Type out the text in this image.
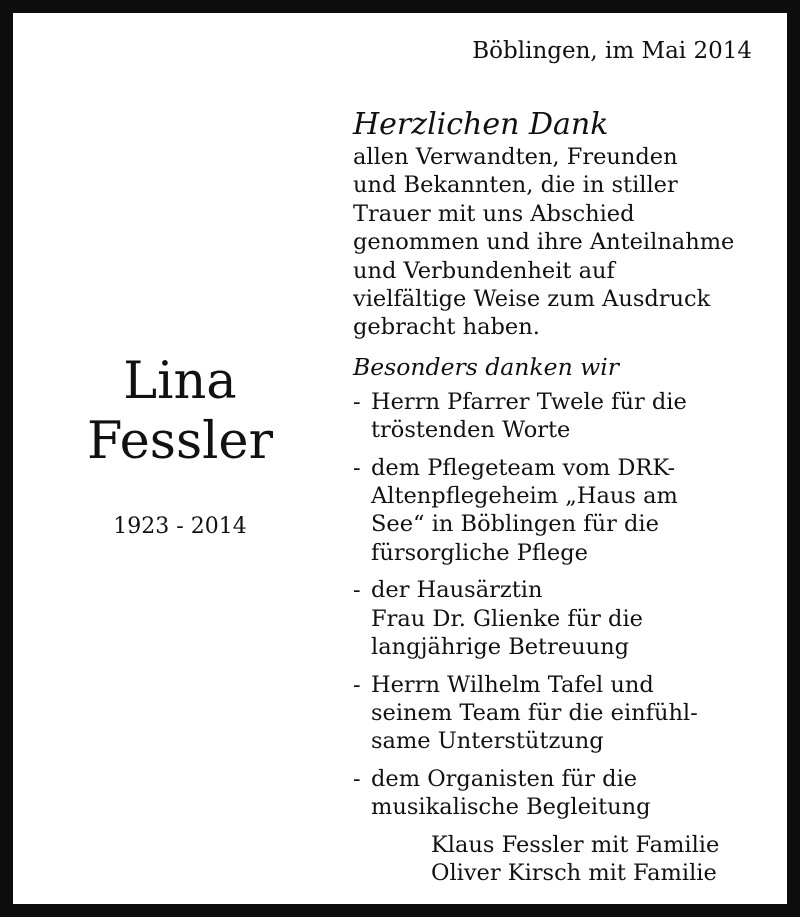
Böblingen, im Mai 2014
Lina
Fessler
1923 - 2014
Herzlichen Dank
allen Verwandten, Freunden
und Bekannten, die in stiller
Trauer mit uns Abschied
genommen und ihre Anteilnahme
und Verbundenheit auf
vielfältige Weise zum Ausdruck
gebracht haben.
Besonders danken wir
- Herrn Pfarrer Twele für die
tröstenden Worte
- dem Pflegeteam vom DRK-
Altenpflegeheim „Haus am
See“ in Böblingen für die
fürsorgliche Pflege
- der Hausärztin
Frau Dr. Glienke für die
langjährige Betreuung
- Herrn Wilhelm Tafel und
seinem Team für die einfühl-
same Unterstützung
- dem Organisten für die
musikalische Begleitung
Klaus Fessler mit Familie
Oliver Kirsch mit Familie
